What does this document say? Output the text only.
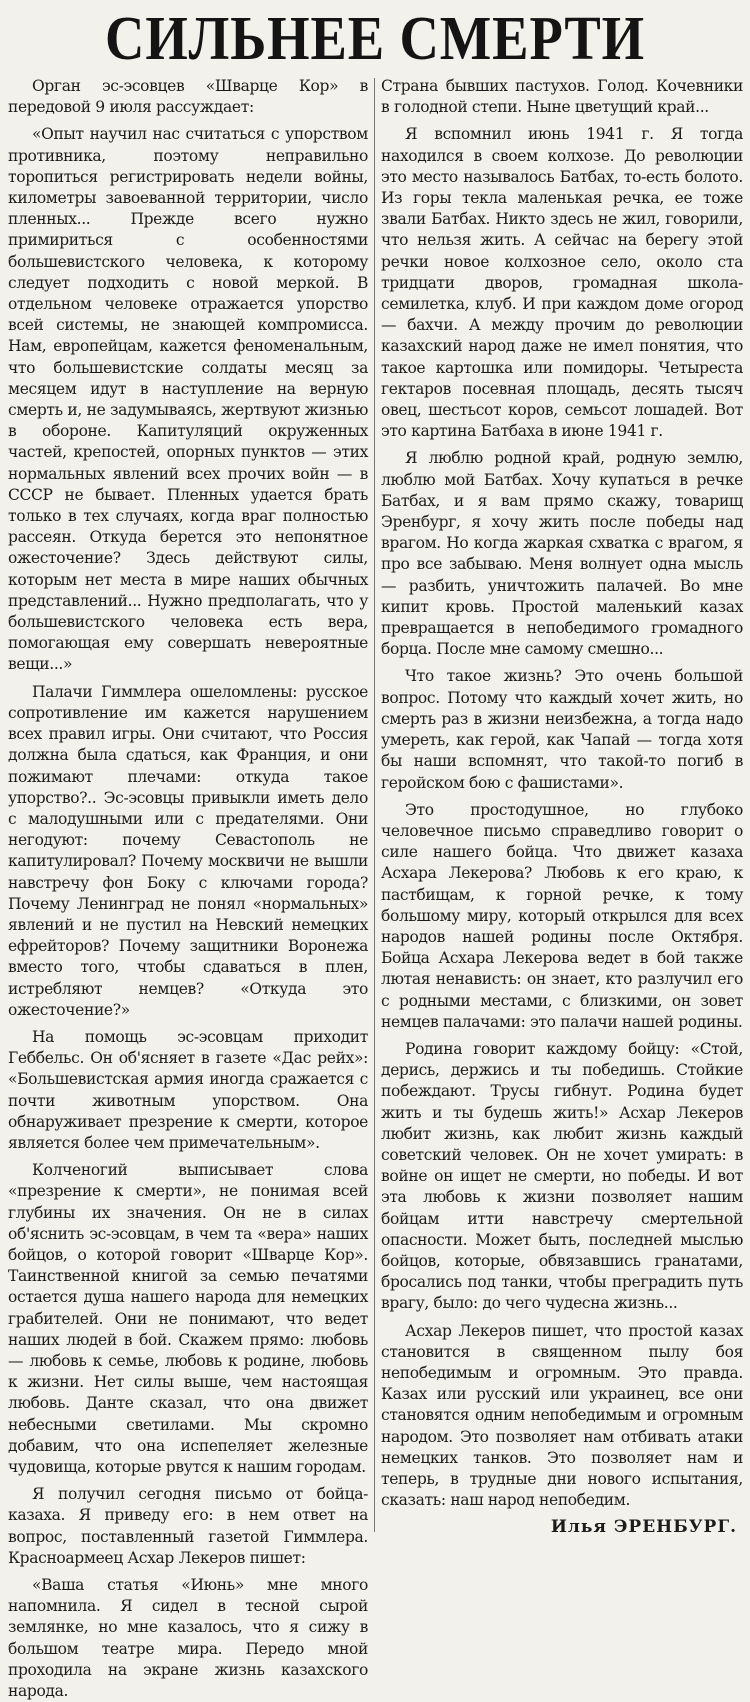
СИЛЬНЕЕ СМЕРТИ

Орган эс-эсовцев «Шварце Кор» в передовой 9 июля рассуждает:

«Опыт научил нас считаться с упорством противника, поэтому неправильно торопиться регистрировать недели войны, километры завоеванной территории, число пленных... Прежде всего нужно примириться с особенностями большевистского человека, к которому следует подходить с новой меркой. В отдельном человеке отражается упорство всей системы, не знающей компромисса. Нам, европейцам, кажется феноменальным, что большевистские солдаты месяц за месяцем идут в наступление на верную смерть и, не задумываясь, жертвуют жизнью в обороне. Капитуляций окруженных частей, крепостей, опорных пунктов — этих нормальных явлений всех прочих войн — в СССР не бывает. Пленных удается брать только в тех случаях, когда враг полностью рассеян. Откуда берется это непонятное ожесточение? Здесь действуют силы, которым нет места в мире наших обычных представлений... Нужно предполагать, что у большевистского человека есть вера, помогающая ему совершать невероятные вещи...»

Палачи Гиммлера ошеломлены: русское сопротивление им кажется нарушением всех правил игры. Они считают, что Россия должна была сдаться, как Франция, и они пожимают плечами: откуда такое упорство?.. Эс-эсовцы привыкли иметь дело с малодушными или с предателями. Они негодуют: почему Севастополь не капитулировал? Почему москвичи не вышли навстречу фон Боку с ключами города? Почему Ленинград не понял «нормальных» явлений и не пустил на Невский немецких ефрейторов? Почему защитники Воронежа вместо того, чтобы сдаваться в плен, истребляют немцев? «Откуда это ожесточение?»

На помощь эс-эсовцам приходит Геббельс. Он об'ясняет в газете «Дас рейх»: «Большевистская армия иногда сражается с почти животным упорством. Она обнаруживает презрение к смерти, которое является более чем примечательным».

Колченогий выписывает слова «презрение к смерти», не понимая всей глубины их значения. Он не в силах об'яснить эс-эсовцам, в чем та «вера» наших бойцов, о которой говорит «Шварце Кор». Таинственной книгой за семью печатями остается душа нашего народа для немецких грабителей. Они не понимают, что ведет наших людей в бой. Скажем прямо: любовь — любовь к семье, любовь к родине, любовь к жизни. Нет силы выше, чем настоящая любовь. Данте сказал, что она движет небесными светилами. Мы скромно добавим, что она испепеляет железные чудовища, которые рвутся к нашим городам.

Я получил сегодня письмо от бойца-казаха. Я приведу его: в нем ответ на вопрос, поставленный газетой Гиммлера. Красноармеец Асхар Лекеров пишет:

«Ваша статья «Июнь» мне много напомнила. Я сидел в тесной сырой землянке, но мне казалось, что я сижу в большом театре мира. Передо мной проходила на экране жизнь казахского народа.

Страна бывших пастухов. Голод. Кочевники в голодной степи. Ныне цветущий край...

Я вспомнил июнь 1941 г. Я тогда находился в своем колхозе. До революции это место называлось Батбах, то-есть болото. Из горы текла маленькая речка, ее тоже звали Батбах. Никто здесь не жил, говорили, что нельзя жить. А сейчас на берегу этой речки новое колхозное село, около ста тридцати дворов, громадная школа-семилетка, клуб. И при каждом доме огород — бахчи. А между прочим до революции казахский народ даже не имел понятия, что такое картошка или помидоры. Четыреста гектаров посевная площадь, десять тысяч овец, шестьсот коров, семьсот лошадей. Вот это картина Батбаха в июне 1941 г.

Я люблю родной край, родную землю, люблю мой Батбах. Хочу купаться в речке Батбах, и я вам прямо скажу, товарищ Эренбург, я хочу жить после победы над врагом. Но когда жаркая схватка с врагом, я про все забываю. Меня волнует одна мысль — разбить, уничтожить палачей. Во мне кипит кровь. Простой маленький казах превращается в непобедимого громадного борца. После мне самому смешно...

Что такое жизнь? Это очень большой вопрос. Потому что каждый хочет жить, но смерть раз в жизни неизбежна, а тогда надо умереть, как герой, как Чапай — тогда хотя бы наши вспомнят, что такой-то погиб в геройском бою с фашистами».

Это простодушное, но глубоко человечное письмо справедливо говорит о силе нашего бойца. Что движет казаха Асхара Лекерова? Любовь к его краю, к пастбищам, к горной речке, к тому большому миру, который открылся для всех народов нашей родины после Октября. Бойца Асхара Лекерова ведет в бой также лютая ненависть: он знает, кто разлучил его с родными местами, с близкими, он зовет немцев палачами: это палачи нашей родины.

Родина говорит каждому бойцу: «Стой, дерись, держись и ты победишь. Стойкие побеждают. Трусы гибнут. Родина будет жить и ты будешь жить!» Асхар Лекеров любит жизнь, как любит жизнь каждый советский человек. Он не хочет умирать: в войне он ищет не смерти, но победы. И вот эта любовь к жизни позволяет нашим бойцам итти навстречу смертельной опасности. Может быть, последней мыслью бойцов, которые, обвязавшись гранатами, бросались под танки, чтобы преградить путь врагу, было: до чего чудесна жизнь...

Асхар Лекеров пишет, что простой казах становится в священном пылу боя непобедимым и огромным. Это правда. Казах или русский или украинец, все они становятся одним непобедимым и огромным народом. Это позволяет нам отбивать атаки немецких танков. Это позволяет нам и теперь, в трудные дни нового испытания, сказать: наш народ непобедим.

Илья ЭРЕНБУРГ.
